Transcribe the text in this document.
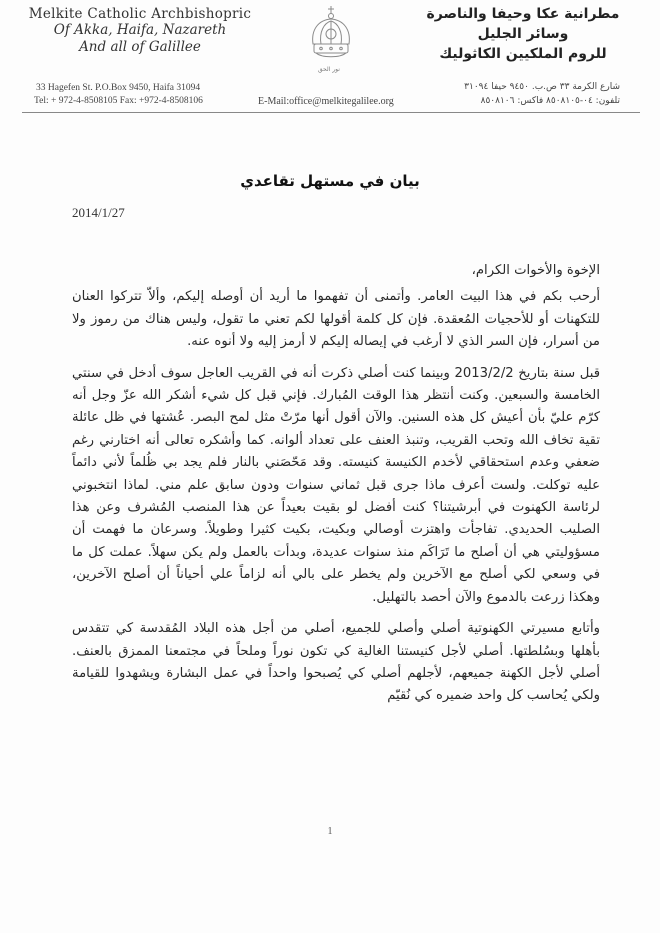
Melkite Catholic Archbishopric
Of Akka, Haifa, Nazareth
And all of Galillee
33 Hagefen St. P.O.Box 9450, Haifa 31094
Tel: + 972-4-8508105 Fax: +972-4-8508106
نور الحق
E-Mail:office@melkitegalilee.org
مطرانية عكا وحيفا والناصرة
وسائر الجليل
للروم الملكيين الكاثوليك
شارع الكرمة ٣٣ ص.ب. ٩٤٥٠ حيفا ٣١٠٩٤
تلفون: ٠٤-٨٥٠٨١٠٥ فاكس: ٨٥٠٨١٠٦
بيان في مستهل تقاعدي
2014/1/27

الإخوة والأخوات الكرام،

أرحب بكم في هذا البيت العامر. وأتمنى أن تفهموا ما أريد أن أوصله إليكم، وألاّ تتركوا العنان للتكهنات أو للأحجيات المُعقدة. فإن كل كلمة أقولها لكم تعني ما تقول، وليس هناك من رموز ولا من أسرار، فإن السر الذي لا أرغب في إيصاله إليكم لا أرمز إليه ولا أنوه عنه.

قبل سنة بتاريخ 2013/2/2 وبينما كنت أصلي ذكرت أنه في القريب العاجل سوف أدخل في سنتي الخامسة والسبعين. وكنت أنتظر هذا الوقت المُبارك. فإني قبل كل شيء أشكر الله عزّ وجل أنه كرّم عليّ بأن أعيش كل هذه السنين. والآن أقول أنها مرّتْ مثل لمح البصر. عُشتها في ظل عائلة تقية تخاف الله وتحب القريب، وتنبذ العنف على تعداد ألوانه. كما وأشكره تعالى أنه اختارني رغم ضعفي وعدم استحقاقي لأخدم الكنيسة كنيسته. وقد مَحّصَني بالنار فلم يجد بي ظُلماً لأني دائماً عليه توكلت. ولست أعرف ماذا جرى قبل ثماني سنوات ودون سابق علم مني. لماذا انتخبوني لرئاسة الكهنوت في أبرشيتنا؟ كنت أفضل لو بقيت بعيداً عن هذا المنصب المُشرف وعن هذا الصليب الحديدي. تفاجأت واهتزت أوصالي وبكيت، بكيت كثيرا وطويلاً. وسرعان ما فهمت أن مسؤوليتي هي أن أصلح ما تَرَاكَم منذ سنوات عديدة، وبدأت بالعمل ولم يكن سهلاً. عملت كل ما في وسعي لكي أصلح مع الآخرين ولم يخطر على بالي أنه لزاماً علي أحياناً أن أصلح الآخرين، وهكذا زرعت بالدموع والآن أحصد بالتهليل.

وأتابع مسيرتي الكهنوتية أصلي وأصلي للجميع، أصلي من أجل هذه البلاد المُقدسة كي تتقدس بأهلها وبسُلطتها. أصلي لأجل كنيستنا الغالية كي تكون نوراً وملحاً في مجتمعنا الممزق بالعنف. أصلي لأجل الكهنة جميعهم، لأجلهم أصلي كي يُصبحوا واحداً في عمل البشارة ويشهدوا للقيامة ولكي يُحاسب كل واحد ضميره كي نُقيّم

1
